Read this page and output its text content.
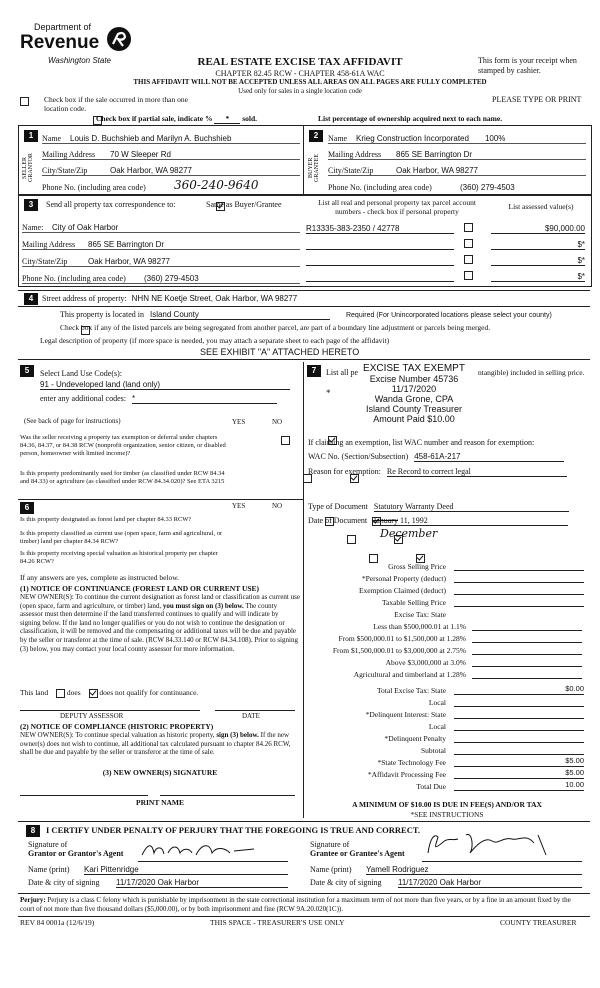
Department of
Revenue
Washington State	REAL ESTATE EXCISE TAX AFFIDAVIT
CHAPTER 82.45 RCW - CHAPTER 458-61A WAC
This form is your receipt when stamped by cashier.
THIS AFFIDAVIT WILL NOT BE ACCEPTED UNLESS ALL AREAS ON ALL PAGES ARE FULLY COMPLETED
Used only for sales in a single location code

Check box if the sale occurred in more than one location code.
PLEASE TYPE OR PRINT

Check box if partial sale, indicate % * sold.	List percentage of ownership acquired next to each name.
1
SELLER GRANTOR
Name	Louis D. Buchshieb and Marilyn A. Buchshieb
Mailing Address	70 W Sleeper Rd
City/State/Zip	Oak Harbor, WA 98277
Phone No. (including area code)	360-240-9640
2
BUYER GRANTEE
Name	Krieg Construction Incorporated 100%
Mailing Address	865 SE Barrington Dr
City/State/Zip	Oak Harbor, WA 98277
Phone No. (including area code)	(360) 279-4503
3	Send all property tax correspondence to:
	Same as Buyer/Grantee	List all real and personal property tax parcel account numbers - check box if personal property
List assessed value(s)
Name:	City of Oak Harbor
Mailing Address	865 SE Barrington Dr
City/State/Zip	Oak Harbor, WA 98277
Phone No. (including area code)	(360) 279-4503
R13335-383-2350 / 42778	$90,000.00
$*
$*
$*
4	Street address of property: NHN NE Koetje Street, Oak Harbor, WA 98277
This property is located in Island County	Required (For Unincorporated locations please select your county)

Check box if any of the listed parcels are being segregated from another parcel, are part of a boundary line adjustment or parcels being merged.
Legal description of property (if more space is needed, you may attach a separate sheet to each page of the affidavit)
SEE EXHIBIT "A" ATTACHED HERETO
5	Select Land Use Code(s):
91 - Undeveloped land (land only)
enter any additional codes: *
(See back of page for instructions)	YES	NO
Was the seller receiving a property tax exemption or deferral under chapters 84.36, 84.37, or 84.38 RCW (nonprofit organization, senior citizen, or disabled person, homeowner with limited income)?

Is this property predominantly used for timber (as classified under RCW 84.34 and 84.33) or agriculture (as classified under RCW 84.34.020)? See ETA 3215

6	YES	NO
Is this property designated as forest land per chapter 84.33 RCW?

Is this property classified as current use (open space, farm and agricultural, or timber) land per chapter 84.34 RCW?

Is this property receiving special valuation as historical property per chapter 84.26 RCW?

If any answers are yes, complete as instructed below.
(1) NOTICE OF CONTINUANCE (FOREST LAND OR CURRENT USE)
NEW OWNER(S): To continue the current designation as forest land or classification as current use (open space, farm and agriculture, or timber) land, you must sign on (3) below. The county assessor must then determine if the land transferred continues to qualify and will indicate by signing below. If the land no longer qualifies or you do not wish to continue the designation or classification, it will be removed and the compensating or additional taxes will be due and payable by the seller or transferor at the time of sale. (RCW 84.33.140 or RCW 84.34.108). Prior to signing (3) below, you may contact your local county assessor for more information.
This land	does	does not qualify for continuance.
DEPUTY ASSESSOR	DATE
(2) NOTICE OF COMPLIANCE (HISTORIC PROPERTY)
NEW OWNER(S): To continue special valuation as historic property, sign (3) below. If the new owner(s) does not wish to continue, all additional tax calculated pursuant to chapter 84.26 RCW, shall be due and payable by the seller or transferor at the time of sale.
(3) NEW OWNER(S) SIGNATURE
PRINT NAME
7	List all pe	ntangible) included in selling price.
EXCISE TAX EXEMPT
Excise Number 45736
11/17/2020
Wanda Grone, CPA
Island County Treasurer
Amount Paid $10.00
*
If claiming an exemption, list WAC number and reason for exemption:
WAC No. (Section/Subsection) 458-61A-217
Reason for exemption: Re Record to correct legal
Type of Document Statutory Warranty Deed
Date of Document January 11, 1992
December
Gross Selling Price
*Personal Property (deduct)
Exemption Claimed (deduct)
Taxable Selling Price
Excise Tax: State
Less than $500,000.01 at 1.1%
From $500,000.01 to $1,500,000 at 1.28%
From $1,500,000.01 to $3,000,000 at 2.75%
Above $3,000,000 at 3.0%
Agricultural and timberland at 1.28%
Total Excise Tax: State	$0.00
Local
*Delinquent Interest: State
Local
*Delinquent Penalty
Subtotal
*State Technology Fee	$5.00
*Affidavit Processing Fee	$5.00
Total Due	10.00
A MINIMUM OF $10.00 IS DUE IN FEE(S) AND/OR TAX
*SEE INSTRUCTIONS
8	I CERTIFY UNDER PENALTY OF PERJURY THAT THE FOREGOING IS TRUE AND CORRECT.
Signature of
Grantor or Grantor's Agent
Name (print)	Kari Pittenridge
Date & city of signing	11/17/2020 Oak Harbor
Signature of
Grantee or Grantee's Agent
Name (print)	Yamell Rodriguez
Date & city of signing	11/17/2020 Oak Harbor
Perjury: Perjury is a class C felony which is punishable by imprisonment in the state correctional institution for a maximum term of not more than five years, or by a fine in an amount fixed by the court of not more than five thousand dollars ($5,000.00), or by both imprisonment and fine (RCW 9A.20.020(1C)).
REV 84 0001a (12/6/19)	THIS SPACE - TREASURER'S USE ONLY	COUNTY TREASURER
